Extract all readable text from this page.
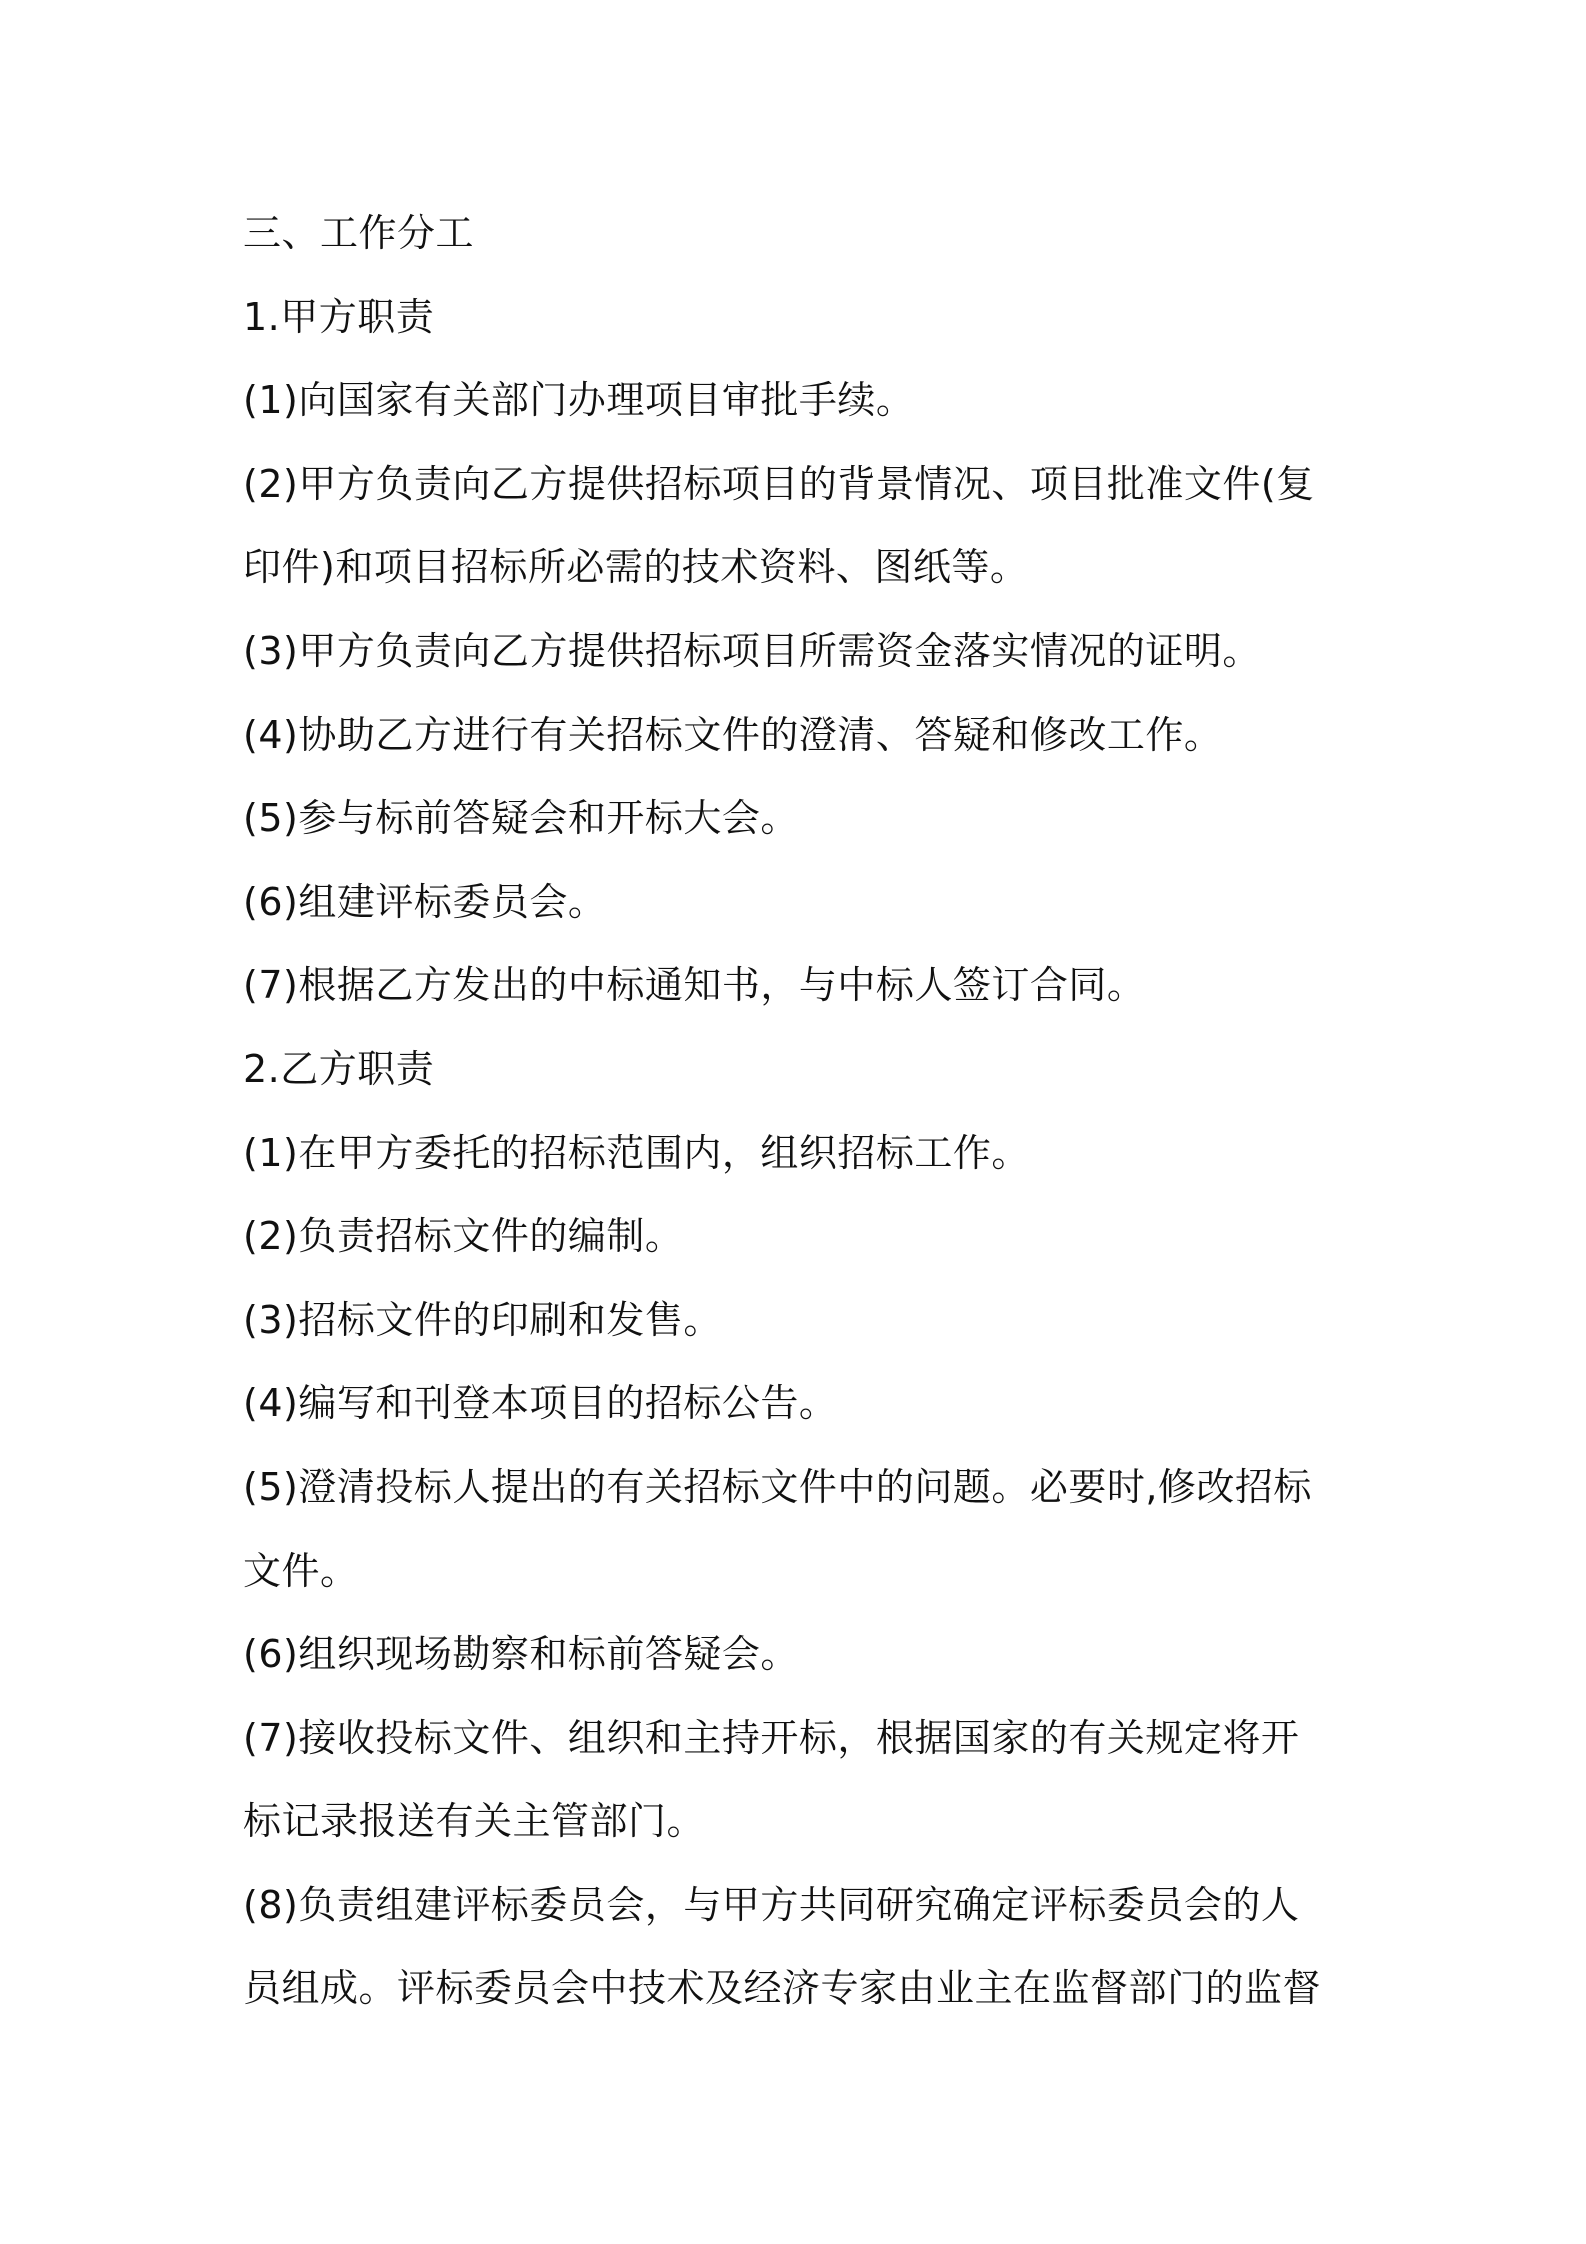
三、工作分工
1.甲方职责
(1)向国家有关部门办理项目审批手续。
(2)甲方负责向乙方提供招标项目的背景情况、项目批准文件(复
印件)和项目招标所必需的技术资料、图纸等。
(3)甲方负责向乙方提供招标项目所需资金落实情况的证明。
(4)协助乙方进行有关招标文件的澄清、答疑和修改工作。
(5)参与标前答疑会和开标大会。
(6)组建评标委员会。
(7)根据乙方发出的中标通知书，与中标人签订合同。
2.乙方职责
(1)在甲方委托的招标范围内，组织招标工作。
(2)负责招标文件的编制。
(3)招标文件的印刷和发售。
(4)编写和刊登本项目的招标公告。
(5)澄清投标人提出的有关招标文件中的问题。必要时,修改招标
文件。
(6)组织现场勘察和标前答疑会。
(7)接收投标文件、组织和主持开标，根据国家的有关规定将开
标记录报送有关主管部门。
(8)负责组建评标委员会，与甲方共同研究确定评标委员会的人
员组成。评标委员会中技术及经济专家由业主在监督部门的监督
